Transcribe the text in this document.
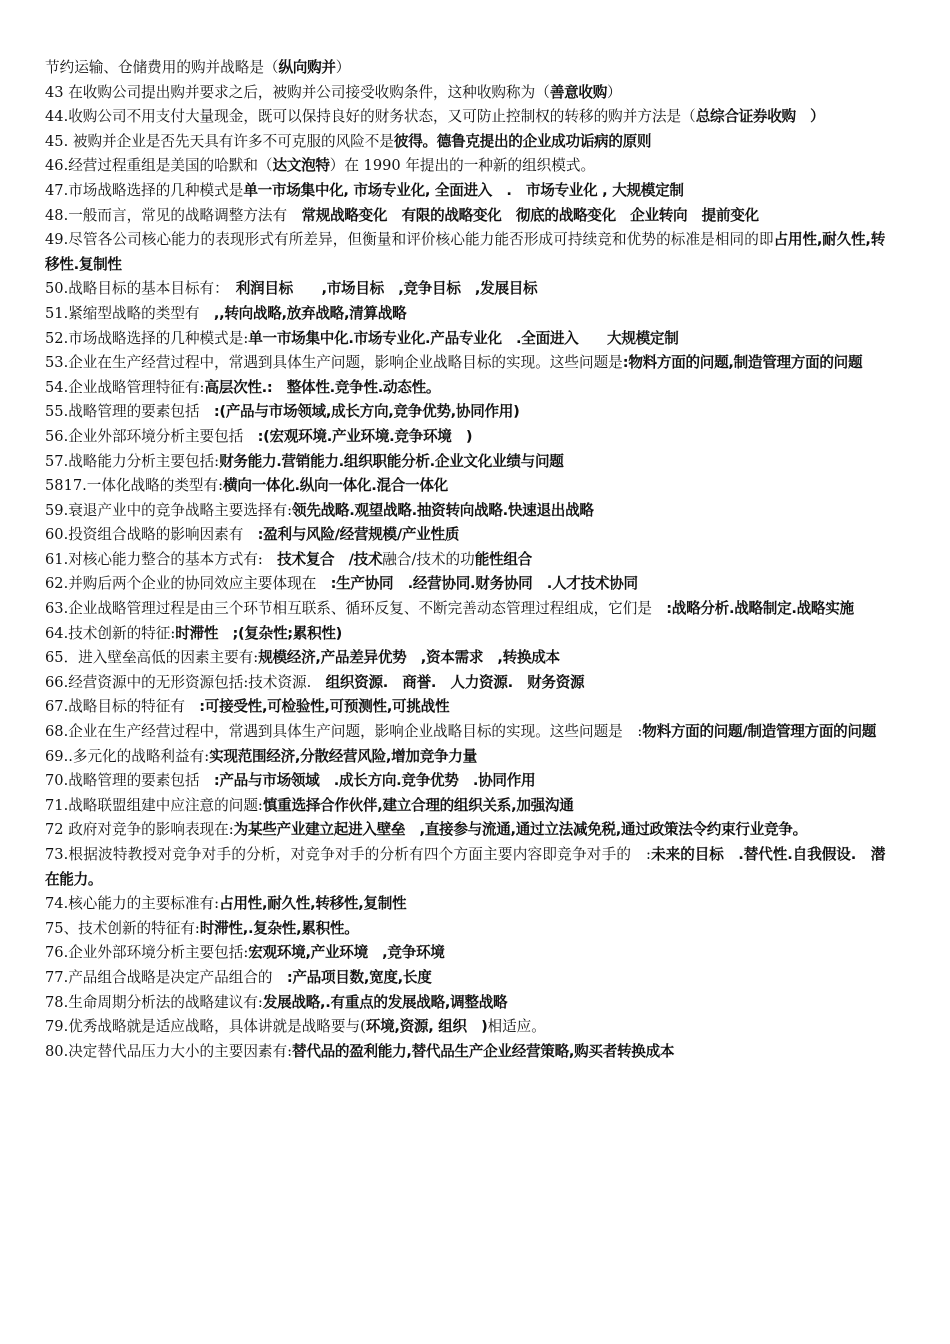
节约运输、仓储费用的购并战略是（纵向购并）

43 在收购公司提出购并要求之后，被购并公司接受收购条件，这种收购称为（善意收购）

44.收购公司不用支付大量现金，既可以保持良好的财务状态，又可防止控制权的转移的购并方法是（总综合证券收购　）

45. 被购并企业是否先天具有许多不可克服的风险不是彼得。德鲁克提出的企业成功诟病的原则

46.经营过程重组是美国的哈默和（达文泡特）在 1990 年提出的一种新的组织模式。

47.市场战略选择的几种模式是单一市场集中化, 市场专业化, 全面进入　.　市场专业化 , 大规模定制

48.一般而言，常见的战略调整方法有　常规战略变化　有限的战略变化　彻底的战略变化　企业转向　提前变化

49.尽管各公司核心能力的表现形式有所差异，但衡量和评价核心能力能否形成可持续竞和优势的标准是相同的即占用性,耐久性,转移性.复制性

50.战略目标的基本目标有：　利润目标　　,市场目标　,竞争目标　,发展目标

51.紧缩型战略的类型有　,,转向战略,放弃战略,清算战略

52.市场战略选择的几种模式是:单一市场集中化.市场专业化.产品专业化　.全面进入　　大规模定制

53.企业在生产经营过程中，常遇到具体生产问题，影响企业战略目标的实现。这些问题是:物料方面的问题,制造管理方面的问题

54.企业战略管理特征有:高层次性.:　整体性.竞争性.动态性。

55.战略管理的要素包括　:(产品与市场领域,成长方向,竞争优势,协同作用)

56.企业外部环境分析主要包括　:(宏观环境.产业环境.竞争环境　)

57.战略能力分析主要包括:财务能力.营销能力.组织职能分析.企业文化业绩与问题

5817.一体化战略的类型有:横向一体化.纵向一体化.混合一体化

59.衰退产业中的竞争战略主要选择有:领先战略.观望战略.抽资转向战略.快速退出战略

60.投资组合战略的影响因素有　:盈利与风险/经营规模/产业性质

61.对核心能力整合的基本方式有:　技术复合　/技术融合/技术的功能性组合

62.并购后两个企业的协同效应主要体现在　:生产协同　.经营协同.财务协同　.人才技术协同

63.企业战略管理过程是由三个环节相互联系、循环反复、不断完善动态管理过程组成，它们是　:战略分析.战略制定.战略实施

64.技术创新的特征:时滞性　;(复杂性;累积性)

65．进入壁垒高低的因素主要有:规模经济,产品差异优势　,资本需求　,转换成本

66.经营资源中的无形资源包括:技术资源.　组织资源.　商誉.　人力资源.　财务资源

67.战略目标的特征有　:可接受性,可检验性,可预测性,可挑战性

68.企业在生产经营过程中，常遇到具体生产问题，影响企业战略目标的实现。这些问题是　:物料方面的问题/制造管理方面的问题

69..多元化的战略利益有:实现范围经济,分散经营风险,增加竞争力量

70.战略管理的要素包括　:产品与市场领域　.成长方向.竞争优势　.协同作用

71.战略联盟组建中应注意的问题:慎重选择合作伙伴,建立合理的组织关系,加强沟通

72 政府对竞争的影响表现在:为某些产业建立起进入壁垒　,直接参与流通,通过立法减免税,通过政策法令约束行业竞争。

73.根据波特教授对竞争对手的分析，对竞争对手的分析有四个方面主要内容即竞争对手的　:未来的目标　.替代性.自我假设.　潜在能力。

74.核心能力的主要标准有:占用性,耐久性,转移性,复制性

75、技术创新的特征有:时滞性,.复杂性,累积性。

76.企业外部环境分析主要包括:宏观环境,产业环境　,竞争环境

77.产品组合战略是决定产品组合的　:产品项目数,宽度,长度

78.生命周期分析法的战略建议有:发展战略,.有重点的发展战略,调整战略

79.优秀战略就是适应战略，具体讲就是战略要与(环境,资源, 组织　)相适应。

80.决定替代品压力大小的主要因素有:替代品的盈利能力,替代品生产企业经营策略,购买者转换成本
